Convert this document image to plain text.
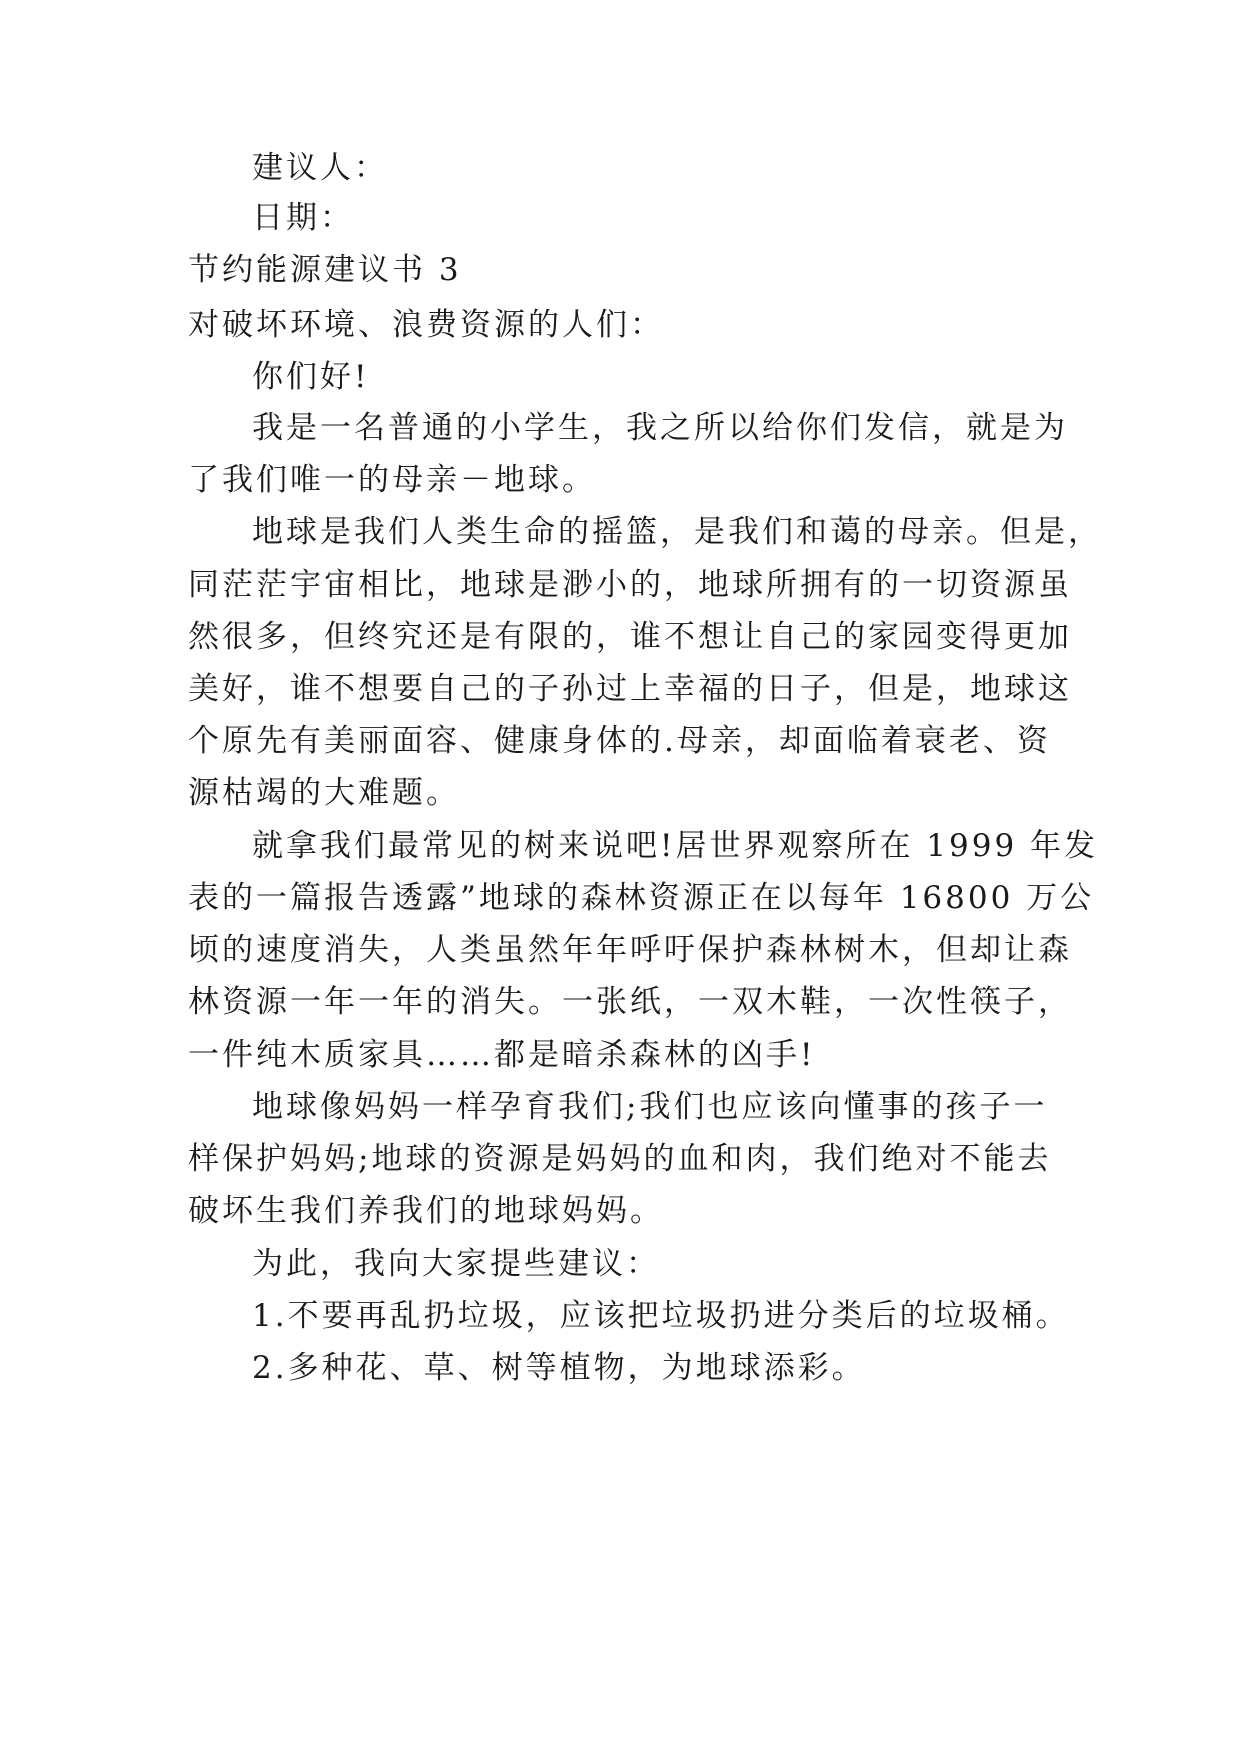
建议人：
日期：
节约能源建议书 3
对破坏环境、浪费资源的人们：
你们好!
我是一名普通的小学生，我之所以给你们发信，就是为
了我们唯一的母亲－地球。
地球是我们人类生命的摇篮，是我们和蔼的母亲。但是，
同茫茫宇宙相比，地球是渺小的，地球所拥有的一切资源虽
然很多，但终究还是有限的，谁不想让自己的家园变得更加
美好，谁不想要自己的子孙过上幸福的日子，但是，地球这
个原先有美丽面容、健康身体的.母亲，却面临着衰老、资
源枯竭的大难题。
就拿我们最常见的树来说吧!居世界观察所在 1999 年发
表的一篇报告透露”地球的森林资源正在以每年 16800 万公
顷的速度消失，人类虽然年年呼吁保护森林树木，但却让森
林资源一年一年的消失。一张纸，一双木鞋，一次性筷子，
一件纯木质家具……都是暗杀森林的凶手!
地球像妈妈一样孕育我们;我们也应该向懂事的孩子一
样保护妈妈;地球的资源是妈妈的血和肉，我们绝对不能去
破坏生我们养我们的地球妈妈。
为此，我向大家提些建议：
1.不要再乱扔垃圾，应该把垃圾扔进分类后的垃圾桶。
2.多种花、草、树等植物，为地球添彩。
